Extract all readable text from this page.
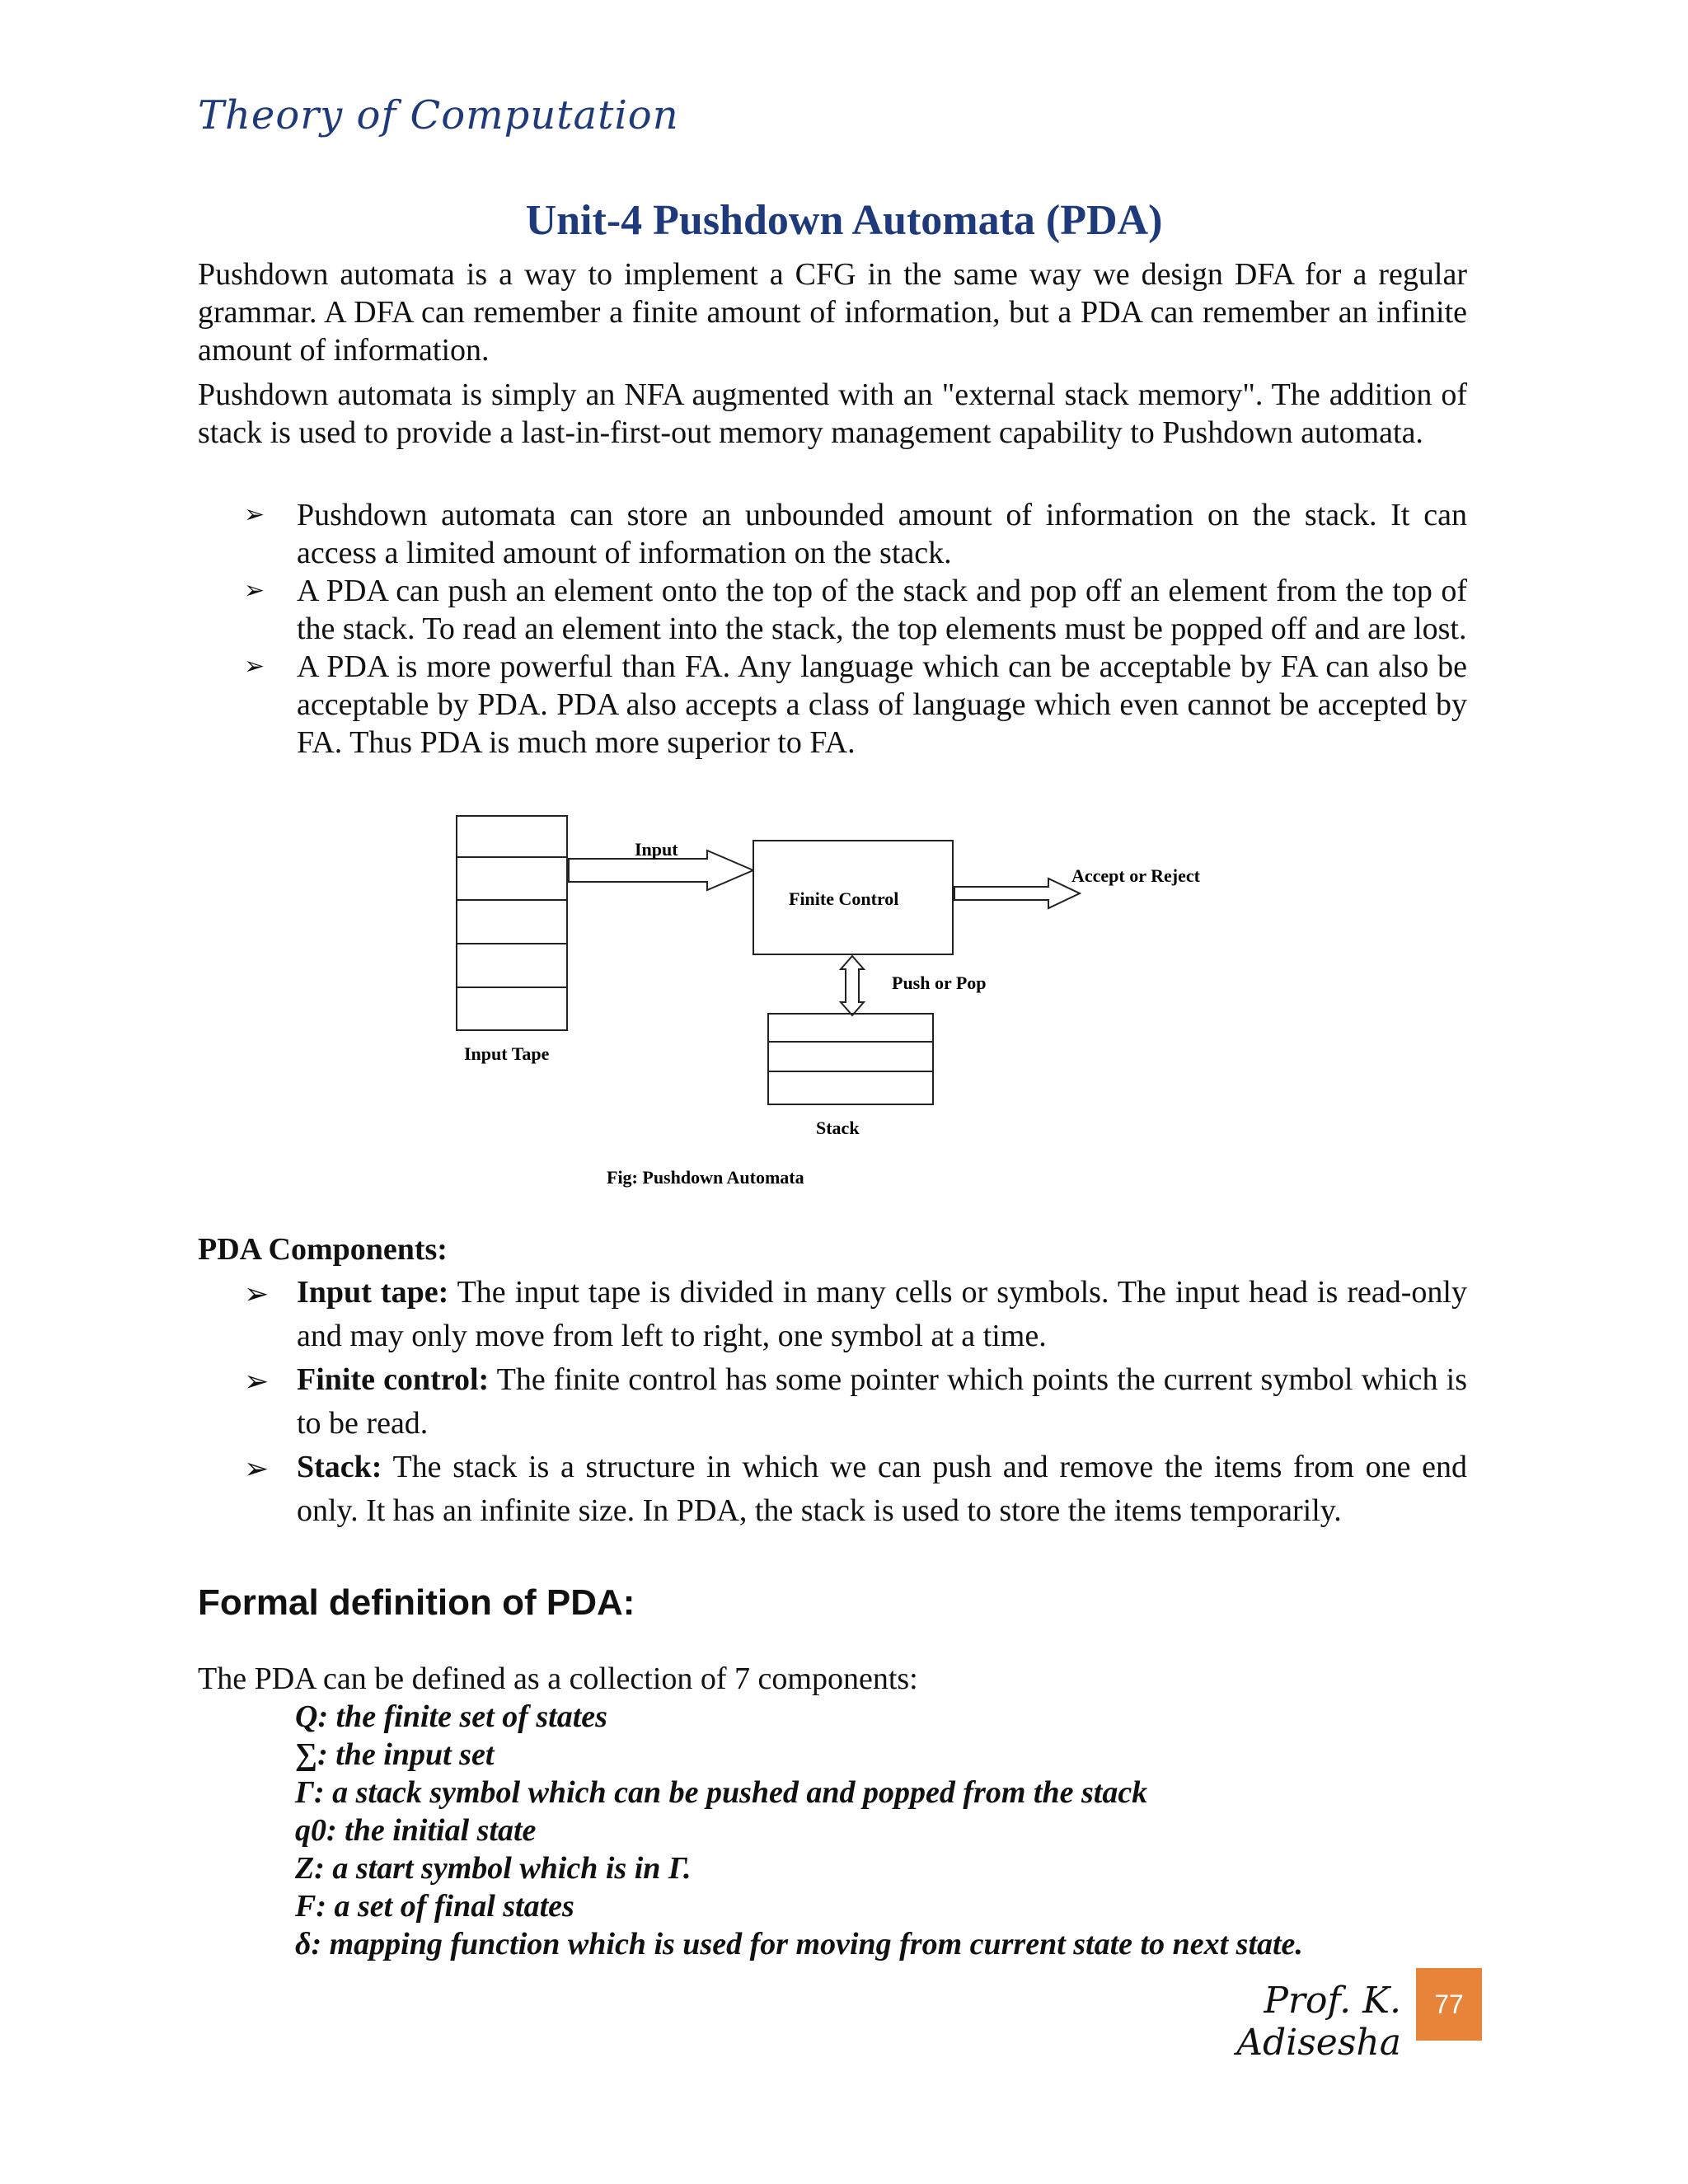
Theory of Computation
Unit-4 Pushdown Automata (PDA)

Pushdown automata is a way to implement a CFG in the same way we design DFA for a regular grammar. A DFA can remember a finite amount of information, but a PDA can remember an infinite amount of information.

Pushdown automata is simply an NFA augmented with an "external stack memory". The addition of stack is used to provide a last-in-first-out memory management capability to Pushdown automata.

➢ Pushdown automata can store an unbounded amount of information on the stack. It can access a limited amount of information on the stack.
➢ A PDA can push an element onto the top of the stack and pop off an element from the top of the stack. To read an element into the stack, the top elements must be popped off and are lost.
➢ A PDA is more powerful than FA. Any language which can be acceptable by FA can also be acceptable by PDA. PDA also accepts a class of language which even cannot be accepted by FA. Thus PDA is much more superior to FA.
Input
Finite Control
Accept or Reject
Push or Pop
Input Tape
Stack
Fig: Pushdown Automata
PDA Components:
➢ Input tape: The input tape is divided in many cells or symbols. The input head is read-only and may only move from left to right, one symbol at a time.
➢ Finite control: The finite control has some pointer which points the current symbol which is to be read.
➢ Stack: The stack is a structure in which we can push and remove the items from one end only. It has an infinite size. In PDA, the stack is used to store the items temporarily.
Formal definition of PDA:

The PDA can be defined as a collection of 7 components:

Q: the finite set of states
∑: the input set
Γ: a stack symbol which can be pushed and popped from the stack
q0: the initial state
Z: a start symbol which is in Γ.
F: a set of final states
δ: mapping function which is used for moving from current state to next state.
Prof. K. Adisesha
77
